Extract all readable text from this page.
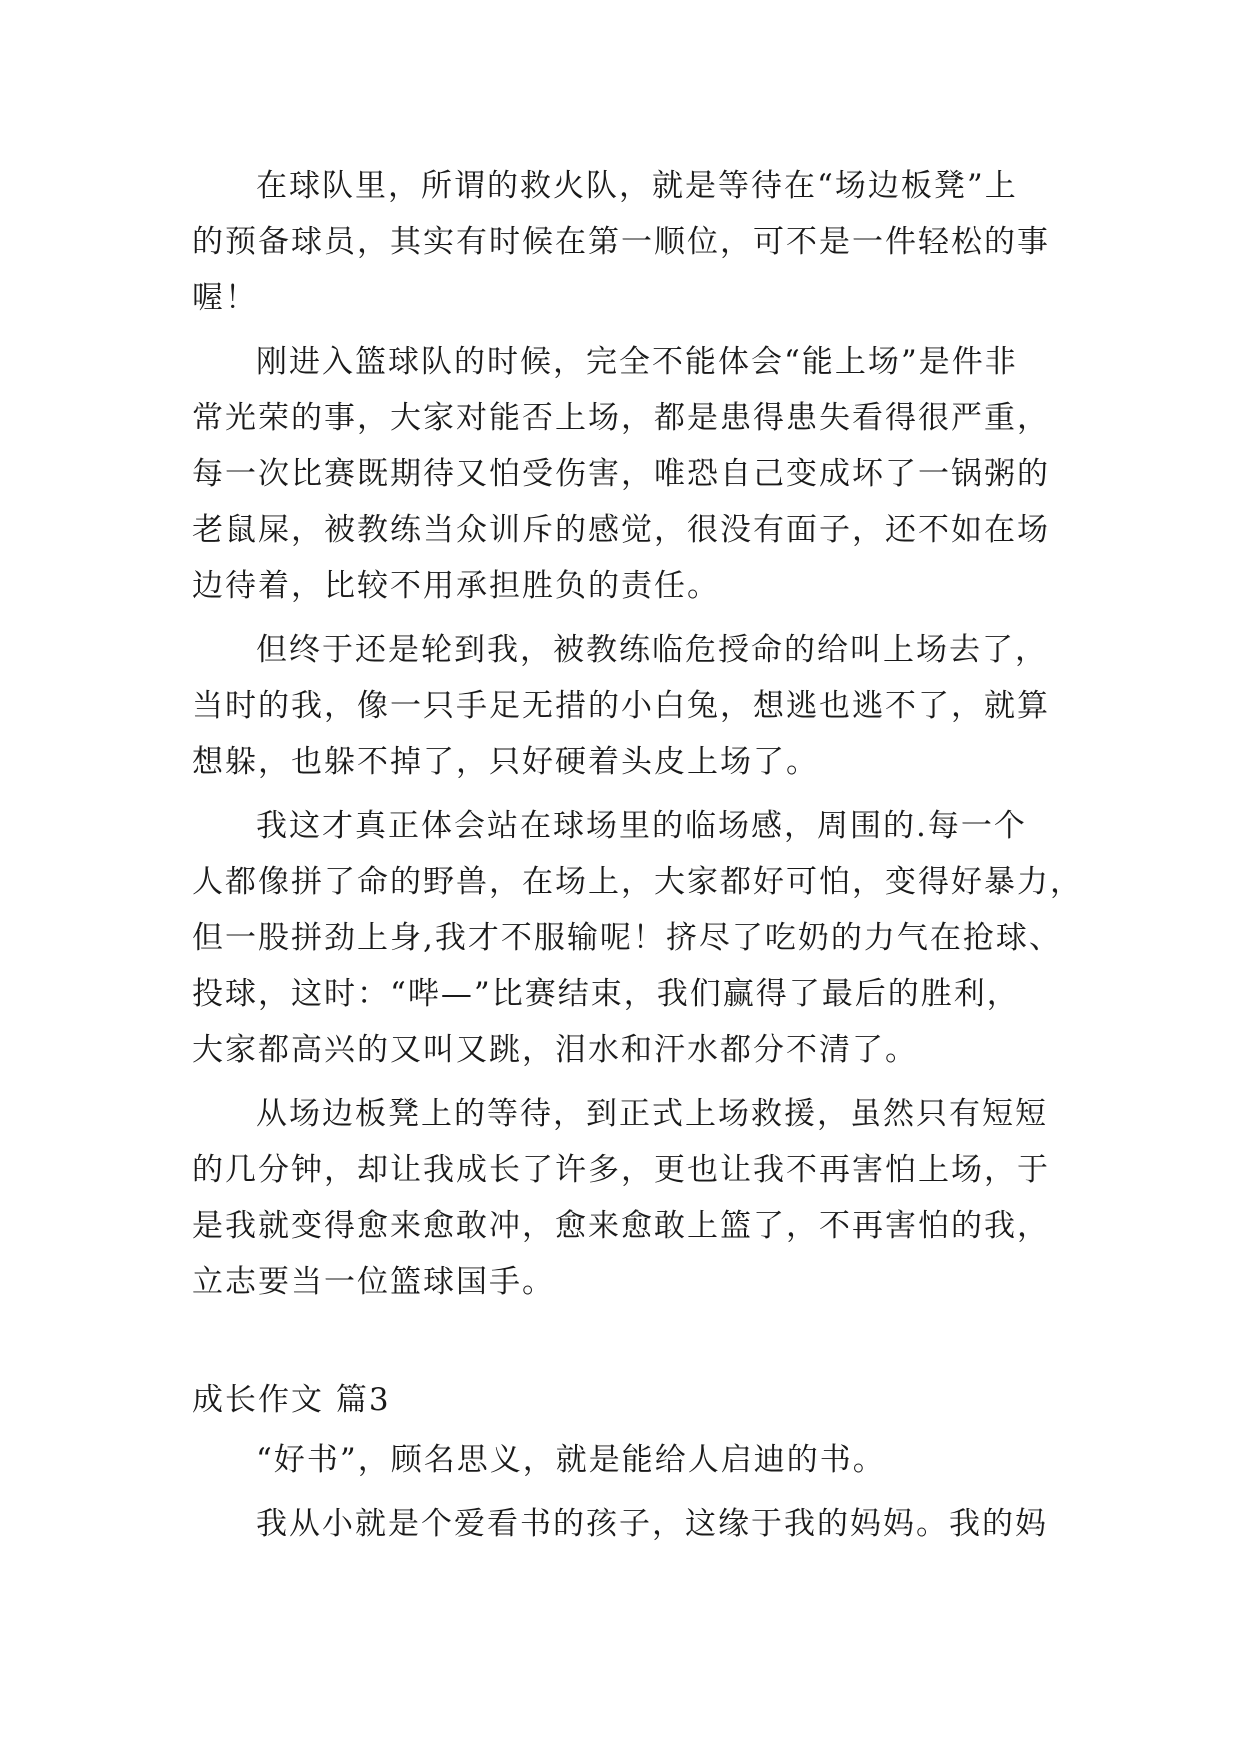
在球队里，所谓的救火队，就是等待在“场边板凳”上
的预备球员，其实有时候在第一顺位，可不是一件轻松的事
喔！
刚进入篮球队的时候，完全不能体会“能上场”是件非
常光荣的事，大家对能否上场，都是患得患失看得很严重，
每一次比赛既期待又怕受伤害，唯恐自己变成坏了一锅粥的
老鼠屎，被教练当众训斥的感觉，很没有面子，还不如在场
边待着，比较不用承担胜负的责任。
但终于还是轮到我，被教练临危授命的给叫上场去了，
当时的我，像一只手足无措的小白兔，想逃也逃不了，就算
想躲，也躲不掉了，只好硬着头皮上场了。
我这才真正体会站在球场里的临场感，周围的.每一个
人都像拼了命的野兽，在场上，大家都好可怕，变得好暴力，
但一股拼劲上身,我才不服输呢！挤尽了吃奶的力气在抢球、
投球，这时：“哔—”比赛结束，我们赢得了最后的胜利，
大家都高兴的又叫又跳，泪水和汗水都分不清了。
从场边板凳上的等待，到正式上场救援，虽然只有短短
的几分钟，却让我成长了许多，更也让我不再害怕上场，于
是我就变得愈来愈敢冲，愈来愈敢上篮了，不再害怕的我，
立志要当一位篮球国手。
成长作文 篇3
“好书”，顾名思义，就是能给人启迪的书。
我从小就是个爱看书的孩子，这缘于我的妈妈。我的妈
